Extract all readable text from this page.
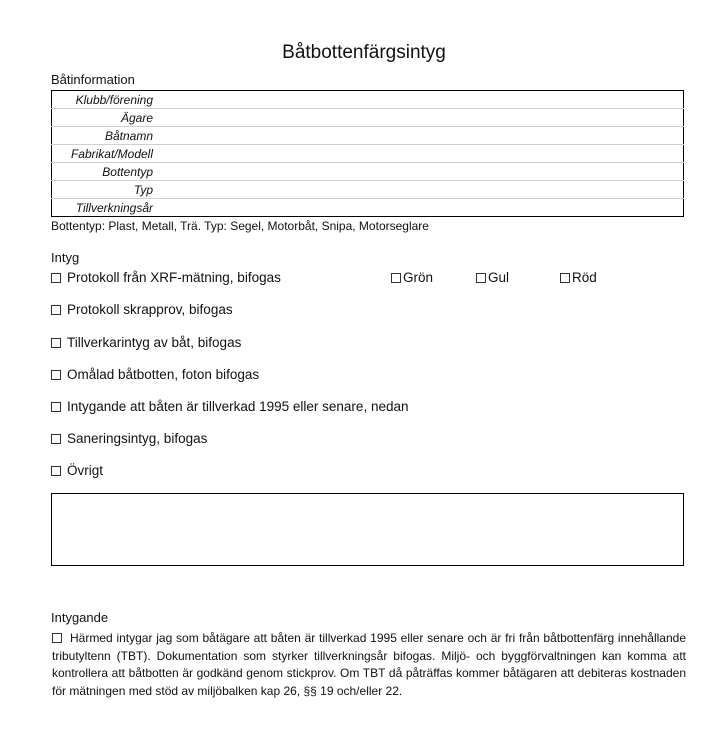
Båtbottenfärgsintyg
Båtinformation
Klubb/förening	
Ägare	
Båtnamn	
Fabrikat/Modell	
Bottentyp	
Typ	
Tillverkningsår	
Bottentyp: Plast, Metall, Trä. Typ: Segel, Motorbåt, Snipa, Motorseglare
Intyg
Protokoll från XRF-mätning, bifogas	Grön	Gul	Röd
Protokoll skrapprov, bifogas
Tillverkarintyg av båt, bifogas
Omålad båtbotten, foton bifogas
Intygande att båten är tillverkad 1995 eller senare, nedan
Saneringsintyg, bifogas
Övrigt
Intygande
Härmed intygar jag som båtägare att båten är tillverkad 1995 eller senare och är fri från båtbottenfärg innehållande tributyltenn (TBT). Dokumentation som styrker tillverkningsår bifogas. Miljö- och byggförvaltningen kan komma att kontrollera att båtbotten är godkänd genom stickprov. Om TBT då påträffas kommer båtägaren att debiteras kostnaden för mätningen med stöd av miljöbalken kap 26, §§ 19 och/eller 22.
